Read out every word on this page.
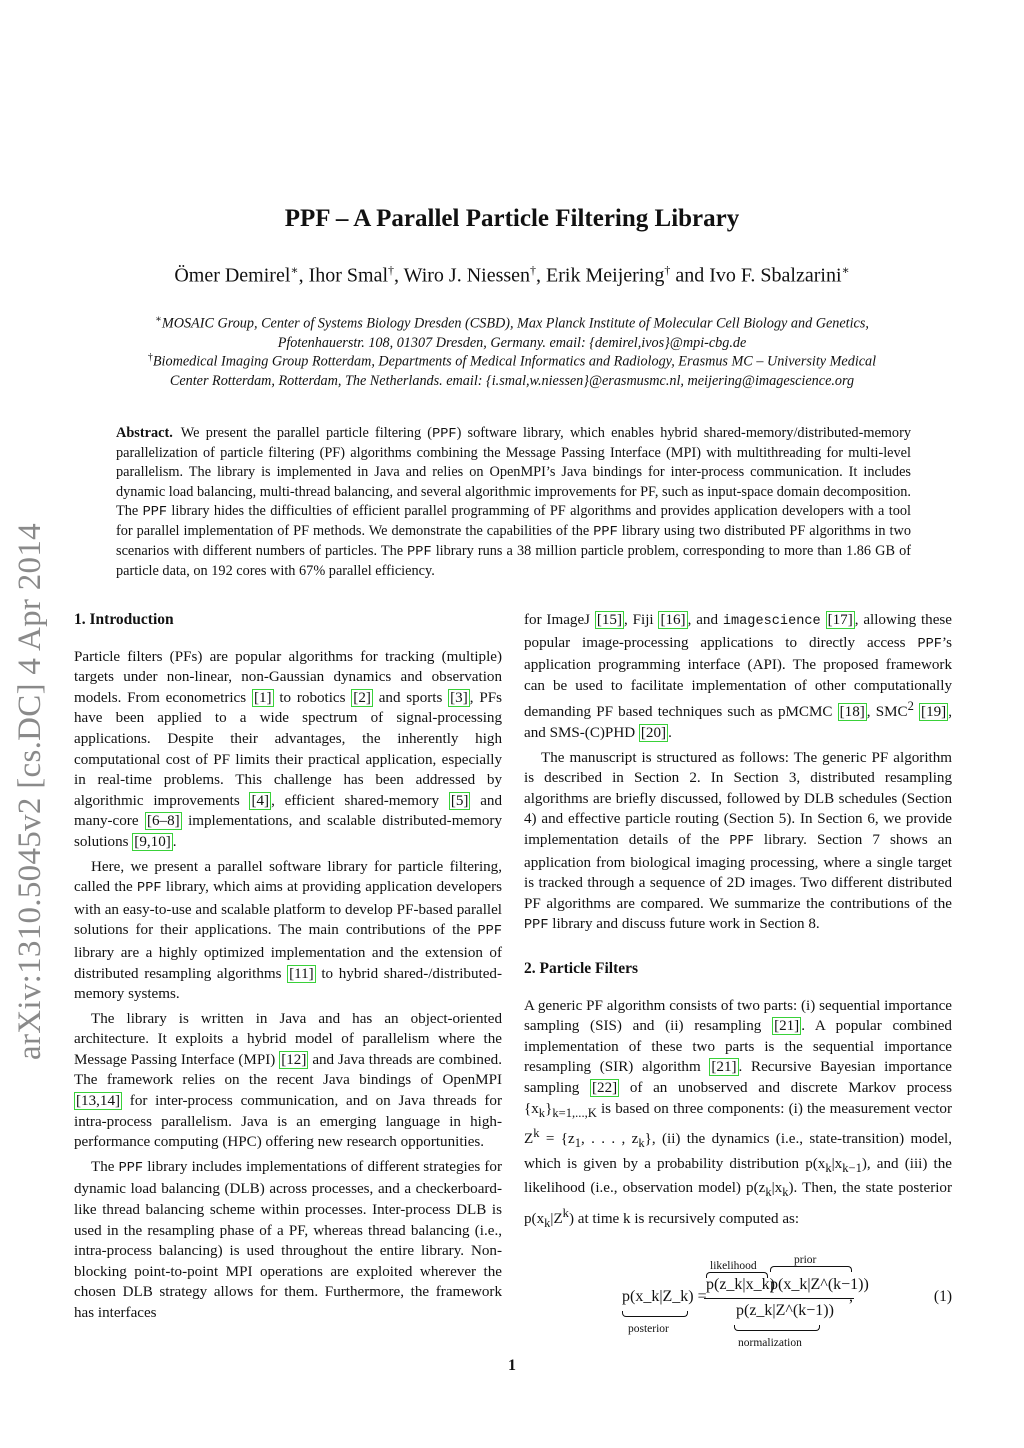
arXiv:1310.5045v2 [cs.DC] 4 Apr 2014
PPF – A Parallel Particle Filtering Library
Ömer Demirel∗, Ihor Smal†, Wiro J. Niessen†, Erik Meijering† and Ivo F. Sbalzarini∗
∗MOSAIC Group, Center of Systems Biology Dresden (CSBD), Max Planck Institute of Molecular Cell Biology and Genetics,
Pfotenhauerstr. 108, 01307 Dresden, Germany. email: {demirel,ivos}@mpi-cbg.de
†Biomedical Imaging Group Rotterdam, Departments of Medical Informatics and Radiology, Erasmus MC – University Medical
Center Rotterdam, Rotterdam, The Netherlands. email: {i.smal,w.niessen}@erasmusmc.nl, meijering@imagescience.org
Abstract. We present the parallel particle filtering (PPF) software library, which enables hybrid shared-memory/distributed-memory parallelization of particle filtering (PF) algorithms combining the Message Passing Interface (MPI) with multithreading for multi-level parallelism. The library is implemented in Java and relies on OpenMPI’s Java bindings for inter-process communication. It includes dynamic load balancing, multi-thread balancing, and several algorithmic improvements for PF, such as input-space domain decomposition. The PPF library hides the difficulties of efficient parallel programming of PF algorithms and provides application developers with a tool for parallel implementation of PF methods. We demonstrate the capabilities of the PPF library using two distributed PF algorithms in two scenarios with different numbers of particles. The PPF library runs a 38 million particle problem, corresponding to more than 1.86 GB of particle data, on 192 cores with 67% parallel efficiency.
1. Introduction

Particle filters (PFs) are popular algorithms for tracking (multiple) targets under non-linear, non-Gaussian dynamics and observation models. From econometrics [1] to robotics [2] and sports [3] , PFs have been applied to a wide spectrum of signal-processing applications. Despite their advantages, the inherently high computational cost of PF limits their practical application, especially in real-time problems. This challenge has been addressed by algorithmic improvements [4] , efficient shared-memory [5] and many-core [6–8] implementations, and scalable distributed-memory solutions [9,10] .

Here, we present a parallel software library for particle filtering, called the PPF library, which aims at providing application developers with an easy-to-use and scalable platform to develop PF-based parallel solutions for their applications. The main contributions of the PPF library are a highly optimized implementation and the extension of distributed resampling algorithms [11] to hybrid shared-/distributed-memory systems.

The library is written in Java and has an object-oriented architecture. It exploits a hybrid model of parallelism where the Message Passing Interface (MPI) [12] and Java threads are combined. The framework relies on the recent Java bindings of OpenMPI [13,14] for inter-process communication, and on Java threads for intra-process parallelism. Java is an emerging language in high-performance computing (HPC) offering new research opportunities.

The PPF library includes implementations of different strategies for dynamic load balancing (DLB) across processes, and a checkerboard-like thread balancing scheme within processes. Inter-process DLB is used in the resampling phase of a PF, whereas thread balancing (i.e., intra-process balancing) is used throughout the entire library. Non-blocking point-to-point MPI operations are exploited wherever the chosen DLB strategy allows for them. Furthermore, the framework has interfaces

for ImageJ [15] , Fiji [16] , and imagescience [17] , allowing these popular image-processing applications to directly access PPF’s application programming interface (API). The proposed framework can be used to facilitate implementation of other computationally demanding PF based techniques such as pMCMC [18] , SMC$^2$ [19] , and SMS-(C)PHD [20] .

The manuscript is structured as follows: The generic PF algorithm is described in Section 2. In Section 3, distributed resampling algorithms are briefly discussed, followed by DLB schedules (Section 4) and effective particle routing (Section 5). In Section 6, we provide implementation details of the PPF library. Section 7 shows an application from biological imaging processing, where a single target is tracked through a sequence of 2D images. Two different distributed PF algorithms are compared. We summarize the contributions of the PPF library and discuss future work in Section 8.

2. Particle Filters

A generic PF algorithm consists of two parts: (i) sequential importance sampling (SIS) and (ii) resampling [21] . A popular combined implementation of these two parts is the sequential importance resampling (SIR) algorithm [21] . Recursive Bayesian importance sampling [22] of an unobserved and discrete Markov process $\{x_k\}_{k=1,...,K}$ is based on three components: (i) the measurement vector $Z^k = \{z_1$, . . . , $z_k$}, (ii) the dynamics (i.e., state-transition) model, which is given by a probability distribution $p(x_k|x_{k-1})$, and (iii) the likelihood (i.e., observation model) $p(z_k|x_k)$. Then, the state posterior $p(x_k|Z^k)$ at time k is recursively computed as:

likelihood	prior
p(z_k|x_k)
p(x_k|Z^(k−1))
p(x_k|Z_k) =
p(z_k|Z^(k−1))
,
posterior
normalization
(1)
1
